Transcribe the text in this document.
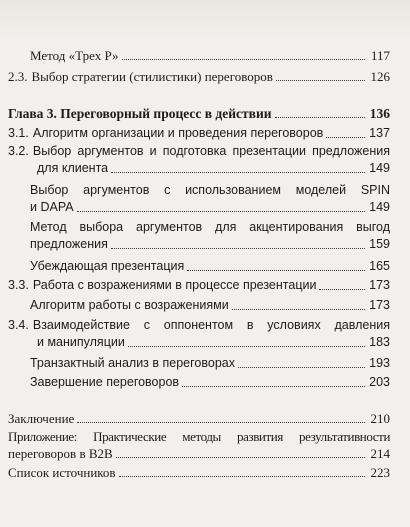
Метод «Трех Р»	117
2.3. Выбор стратегии (стилистики) переговоров	126
Глава 3. Переговорный процесс в действии	136
3.1. Алгоритм организации и проведения переговоров	137
3.2. Выбор аргументов и подготовка презентации предложения
для клиента	149
Выбор аргументов с использованием моделей SPIN
и DAPA	149
Метод выбора аргументов для акцентирования выгод
предложения	159
Убеждающая презентация	165
3.3. Работа с возражениями в процессе презентации	173
Алгоритм работы с возражениями	173
3.4. Взаимодействие с оппонентом в условиях давления
и манипуляции	183
Транзактный анализ в переговорах	193
Завершение переговоров	203
Заключение	210
Приложение: Практические методы развития результативности
переговоров в B2B	214
Список источников	223
